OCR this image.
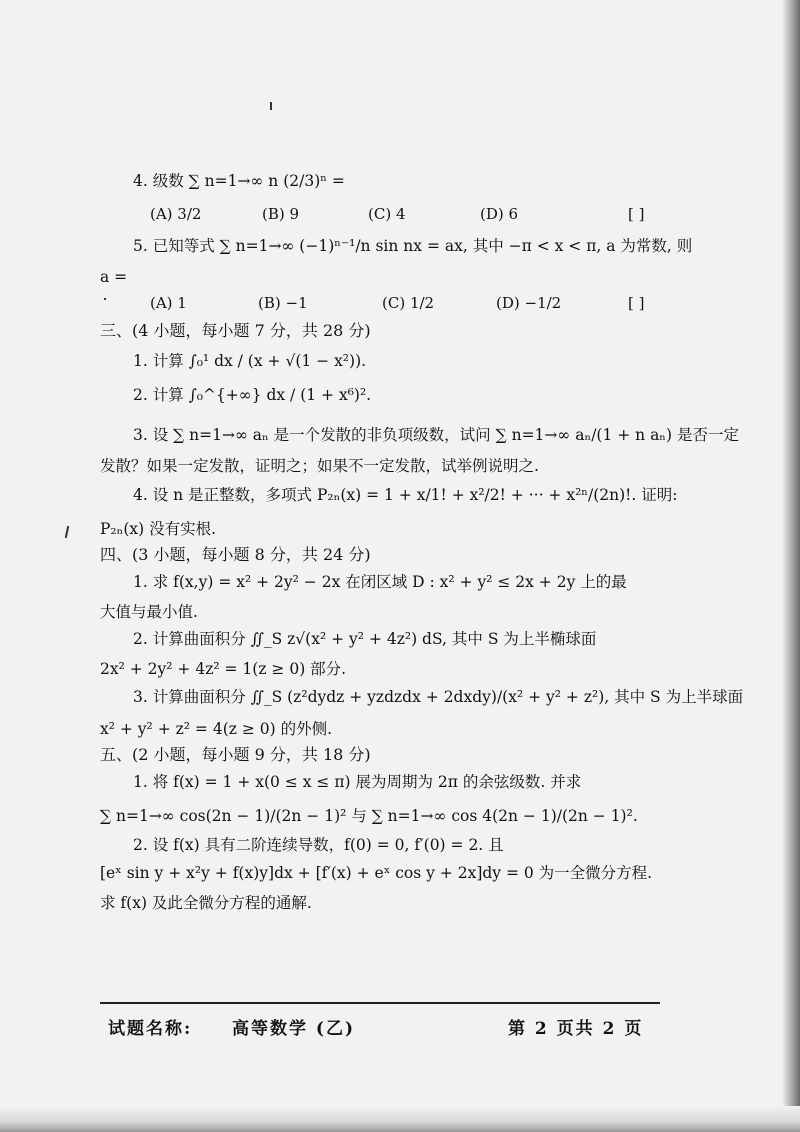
4. 级数 ∑ n=1→∞ n (2/3)ⁿ =
(A) 3/2	(B) 9	(C) 4	(D) 6	[ ]
5. 已知等式 ∑ n=1→∞ (−1)ⁿ⁻¹/n sin nx = ax, 其中 −π < x < π, a 为常数, 则
a =
(A) 1	(B) −1	(C) 1/2	(D) −1/2	[ ]
三、(4 小题，每小题 7 分，共 28 分)
1. 计算 ∫₀¹ dx / (x + √(1 − x²)).
2. 计算 ∫₀^{+∞} dx / (1 + x⁶)².
3. 设 ∑ n=1→∞ aₙ 是一个发散的非负项级数，试问 ∑ n=1→∞ aₙ/(1 + n aₙ) 是否一定
发散？如果一定发散，证明之；如果不一定发散，试举例说明之.
4. 设 n 是正整数，多项式 P₂ₙ(x) = 1 + x/1! + x²/2! + ··· + x²ⁿ/(2n)!. 证明:
P₂ₙ(x) 没有实根.
四、(3 小题，每小题 8 分，共 24 分)
1. 求 f(x,y) = x² + 2y² − 2x 在闭区域 D : x² + y² ≤ 2x + 2y 上的最
大值与最小值.
2. 计算曲面积分 ∬_S z√(x² + y² + 4z²) dS, 其中 S 为上半椭球面
2x² + 2y² + 4z² = 1(z ≥ 0) 部分.
3. 计算曲面积分 ∬_S (z²dydz + yzdzdx + 2dxdy)/(x² + y² + z²), 其中 S 为上半球面
x² + y² + z² = 4(z ≥ 0) 的外侧.
五、(2 小题，每小题 9 分，共 18 分)
1. 将 f(x) = 1 + x(0 ≤ x ≤ π) 展为周期为 2π 的余弦级数. 并求
∑ n=1→∞ cos(2n − 1)/(2n − 1)² 与 ∑ n=1→∞ cos 4(2n − 1)/(2n − 1)².
2. 设 f(x) 具有二阶连续导数，f(0) = 0, f′(0) = 2. 且
[eˣ sin y + x²y + f(x)y]dx + [f′(x) + eˣ cos y + 2x]dy = 0 为一全微分方程.
求 f(x) 及此全微分方程的通解.
试题名称: 高等数学 (乙)	第 2 页共 2 页
